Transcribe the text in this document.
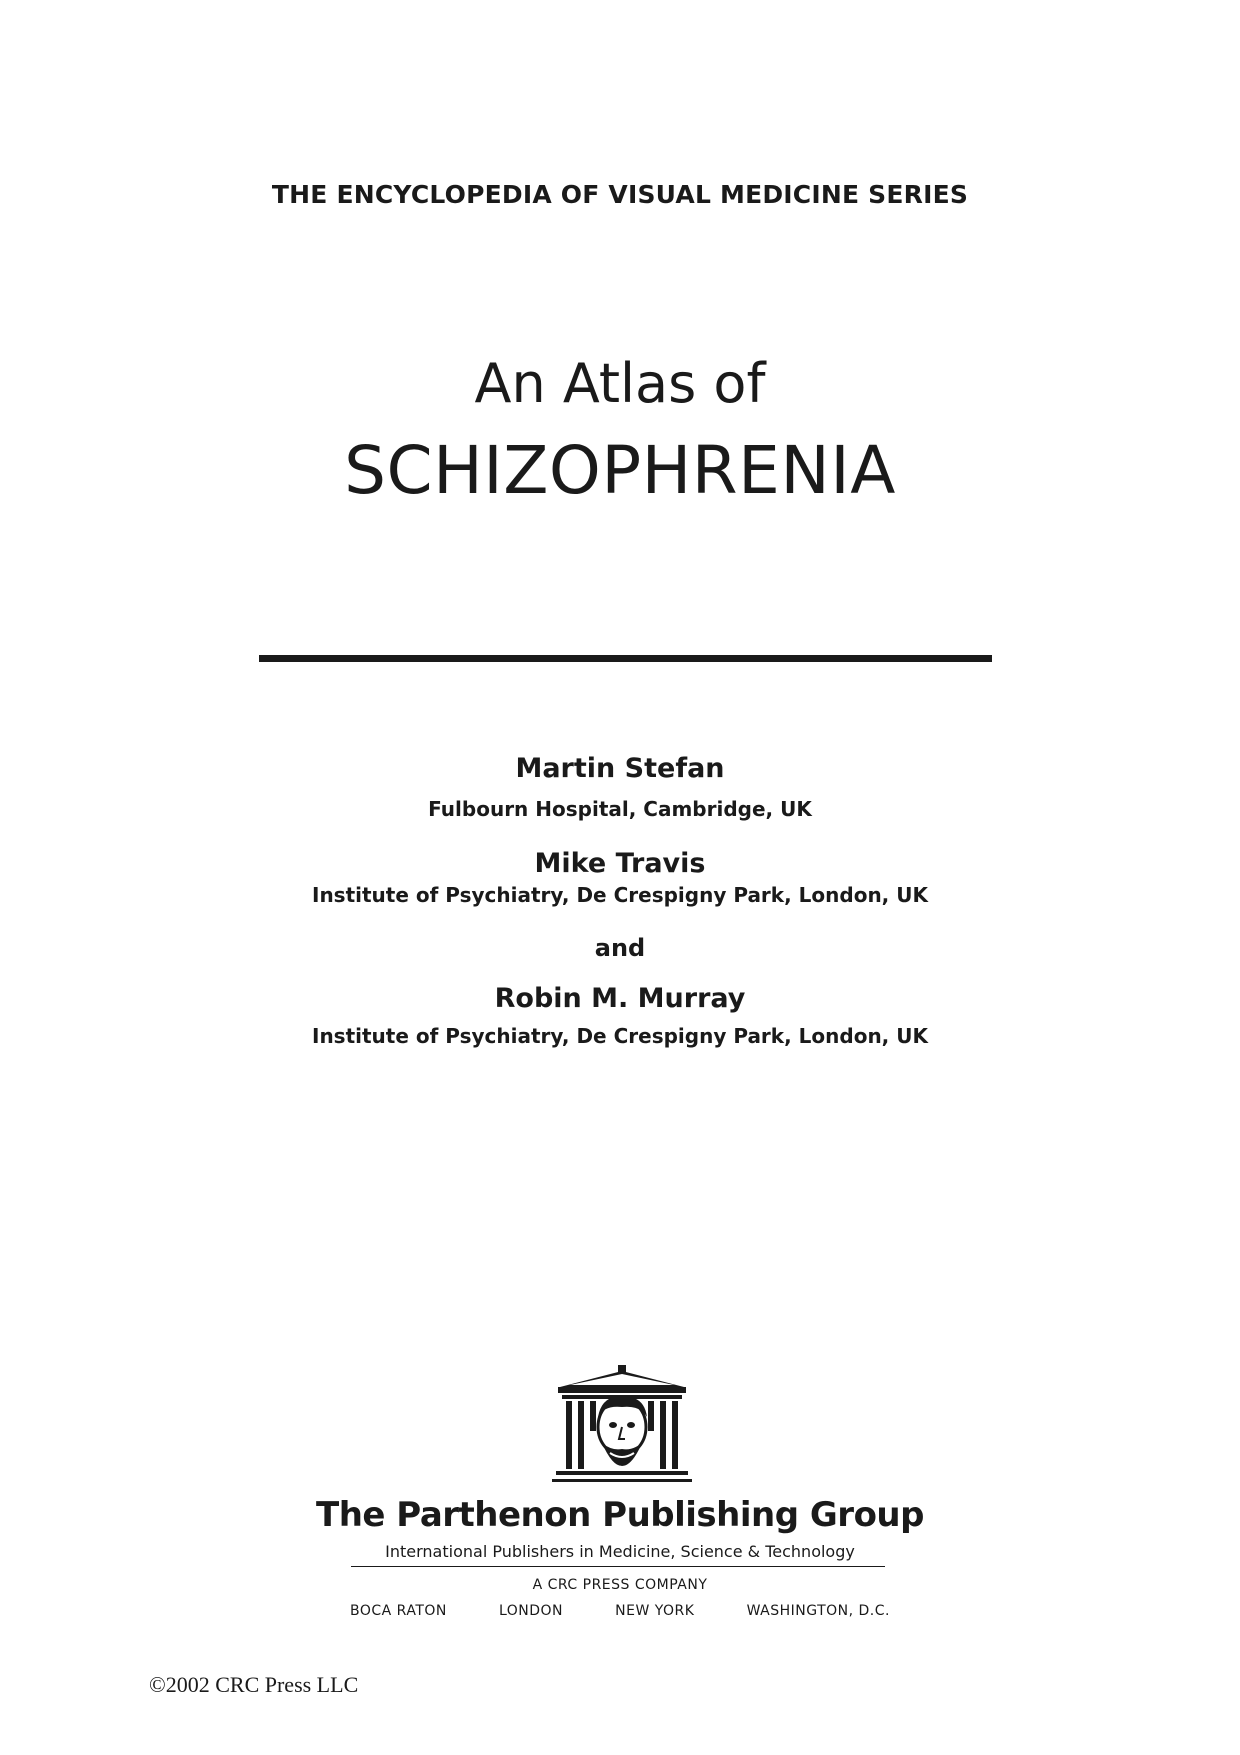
THE ENCYCLOPEDIA OF VISUAL MEDICINE SERIES
An Atlas of
SCHIZOPHRENIA
Martin Stefan
Fulbourn Hospital, Cambridge, UK
Mike Travis
Institute of Psychiatry, De Crespigny Park, London, UK
and
Robin M. Murray
Institute of Psychiatry, De Crespigny Park, London, UK
The Parthenon Publishing Group
International Publishers in Medicine, Science & Technology
A CRC PRESS COMPANY
BOCA RATON	LONDON	NEW YORK	WASHINGTON, D.C.
©2002 CRC Press LLC
